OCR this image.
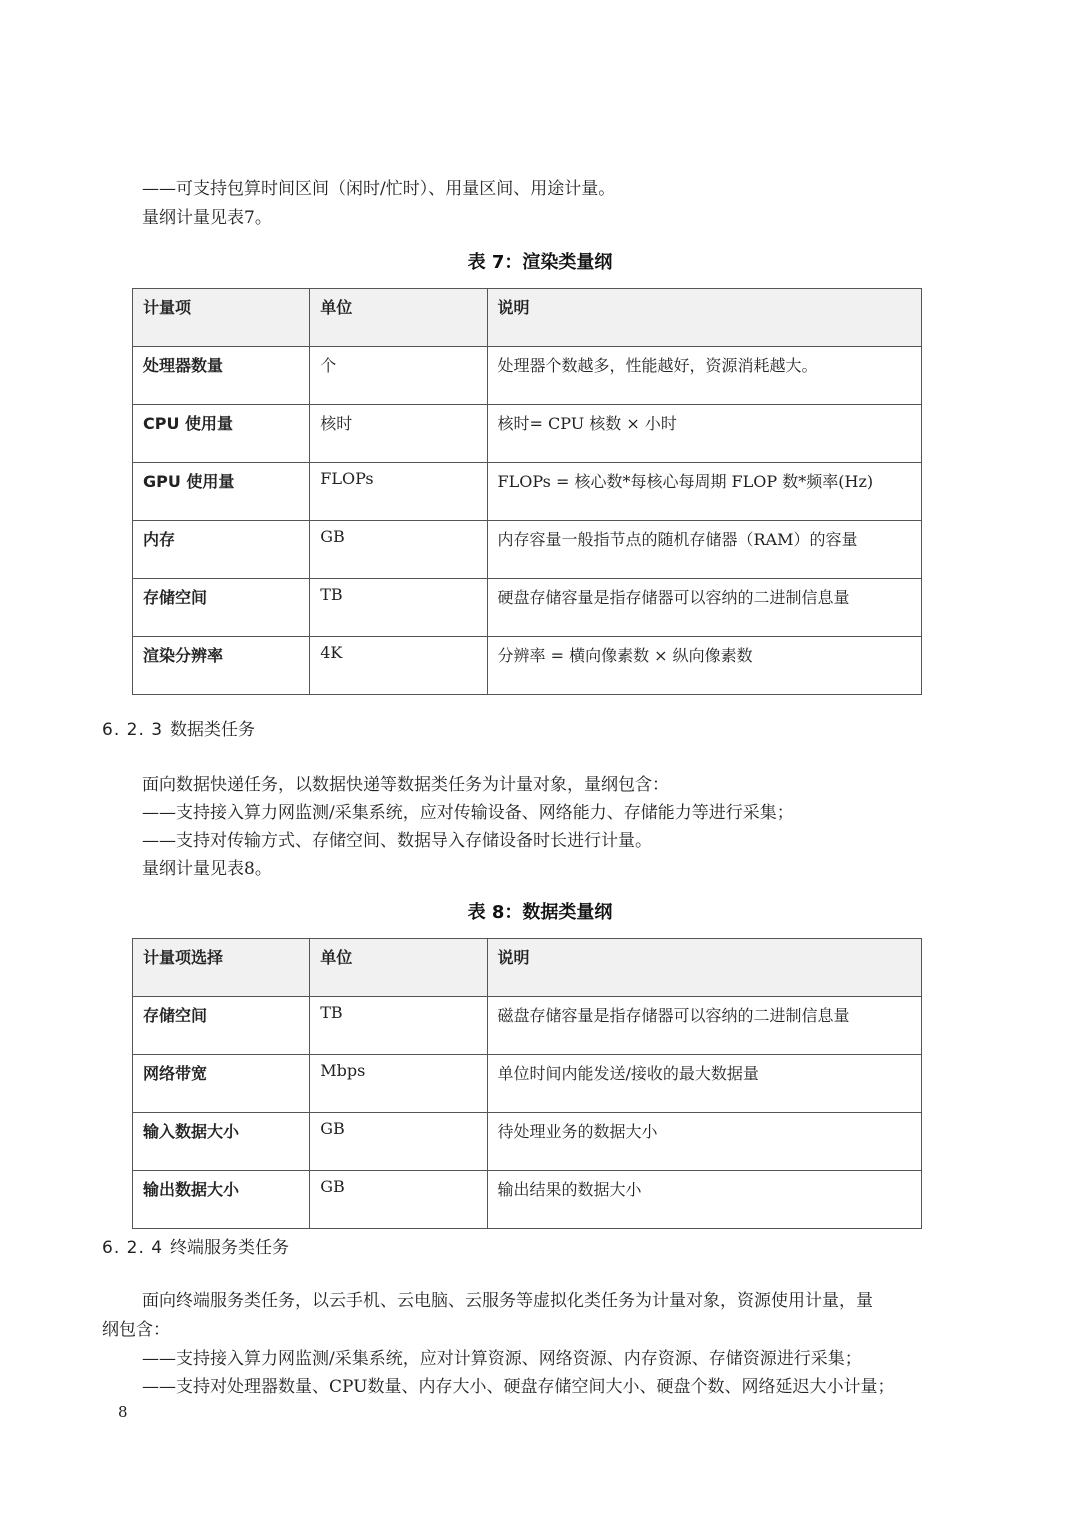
——可支持包算时间区间（闲时/忙时）、用量区间、用途计量。
量纲计量见表7。
表 7：渲染类量纲
计量项	单位	说明
处理器数量	个	处理器个数越多，性能越好，资源消耗越大。
CPU 使用量	核时	核时= CPU 核数 × 小时
GPU 使用量	FLOPs	FLOPs = 核心数*每核心每周期 FLOP 数*频率(Hz)
内存	GB	内存容量一般指节点的随机存储器（RAM）的容量
存储空间	TB	硬盘存储容量是指存储器可以容纳的二进制信息量
渲染分辨率	4K	分辨率 = 横向像素数 × 纵向像素数
6. 2. 3 数据类任务
面向数据快递任务，以数据快递等数据类任务为计量对象，量纲包含：
——支持接入算力网监测/采集系统，应对传输设备、网络能力、存储能力等进行采集；
——支持对传输方式、存储空间、数据导入存储设备时长进行计量。
量纲计量见表8。
表 8：数据类量纲
计量项选择	单位	说明
存储空间	TB	磁盘存储容量是指存储器可以容纳的二进制信息量
网络带宽	Mbps	单位时间内能发送/接收的最大数据量
输入数据大小	GB	待处理业务的数据大小
输出数据大小	GB	输出结果的数据大小
6. 2. 4 终端服务类任务
面向终端服务类任务，以云手机、云电脑、云服务等虚拟化类任务为计量对象，资源使用计量，量
纲包含：
——支持接入算力网监测/采集系统，应对计算资源、网络资源、内存资源、存储资源进行采集；
——支持对处理器数量、CPU数量、内存大小、硬盘存储空间大小、硬盘个数、网络延迟大小计量；
8
